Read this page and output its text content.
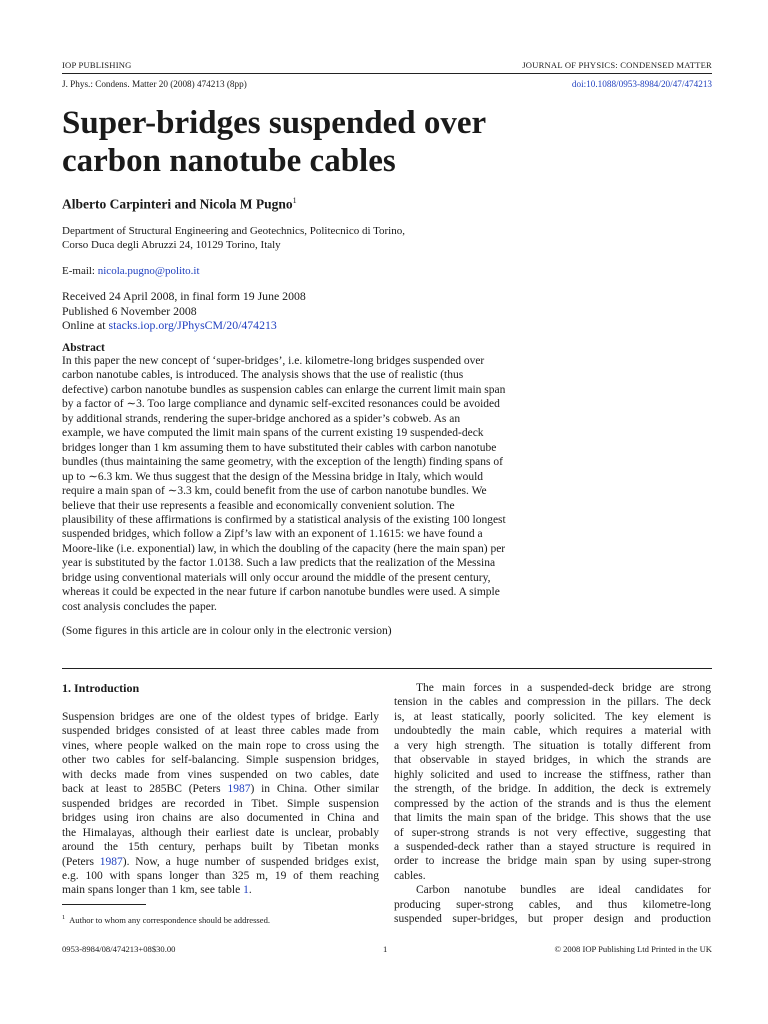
IOP PUBLISHING	JOURNAL OF PHYSICS: CONDENSED MATTER
J. Phys.: Condens. Matter 20 (2008) 474213 (8pp)	doi:10.1088/0953-8984/20/47/474213
Super-bridges suspended over
carbon nanotube cables
Alberto Carpinteri and Nicola M Pugno$^1$
Department of Structural Engineering and Geotechnics, Politecnico di Torino,
Corso Duca degli Abruzzi 24, 10129 Torino, Italy
E-mail: nicola.pugno@polito.it
Received 24 April 2008, in final form 19 June 2008
Published 6 November 2008
Online at stacks.iop.org/JPhysCM/20/474213
Abstract
In this paper the new concept of ‘super-bridges’, i.e. kilometre-long bridges suspended over
carbon nanotube cables, is introduced. The analysis shows that the use of realistic (thus
defective) carbon nanotube bundles as suspension cables can enlarge the current limit main span
by a factor of ∼3. Too large compliance and dynamic self-excited resonances could be avoided
by additional strands, rendering the super-bridge anchored as a spider’s cobweb. As an
example, we have computed the limit main spans of the current existing 19 suspended-deck
bridges longer than 1 km assuming them to have substituted their cables with carbon nanotube
bundles (thus maintaining the same geometry, with the exception of the length) finding spans of
up to ∼6.3 km. We thus suggest that the design of the Messina bridge in Italy, which would
require a main span of ∼3.3 km, could benefit from the use of carbon nanotube bundles. We
believe that their use represents a feasible and economically convenient solution. The
plausibility of these affirmations is confirmed by a statistical analysis of the existing 100 longest
suspended bridges, which follow a Zipf’s law with an exponent of 1.1615: we have found a
Moore-like (i.e. exponential) law, in which the doubling of the capacity (here the main span) per
year is substituted by the factor 1.0138. Such a law predicts that the realization of the Messina
bridge using conventional materials will only occur around the middle of the present century,
whereas it could be expected in the near future if carbon nanotube bundles were used. A simple
cost analysis concludes the paper.
(Some figures in this article are in colour only in the electronic version)
1. Introduction
Suspension bridges are one of the oldest types of bridge. Early
suspended bridges consisted of at least three cables made from
vines, where people walked on the main rope to cross using the
other two cables for self-balancing. Simple suspension bridges,
with decks made from vines suspended on two cables, date
back at least to 285BC (Peters 1987) in China. Other similar
suspended bridges are recorded in Tibet. Simple suspension
bridges using iron chains are also documented in China and
the Himalayas, although their earliest date is unclear, probably
around the 15th century, perhaps built by Tibetan monks
(Peters 1987). Now, a huge number of suspended bridges exist,
e.g. 100 with spans longer than 325 m, 19 of them reaching
main spans longer than 1 km, see table 1.
The main forces in a suspended-deck bridge are strong
tension in the cables and compression in the pillars. The deck
is, at least statically, poorly solicited. The key element is
undoubtedly the main cable, which requires a material with
a very high strength. The situation is totally different from
that observable in stayed bridges, in which the strands are
highly solicited and used to increase the stiffness, rather than
the strength, of the bridge. In addition, the deck is extremely
compressed by the action of the strands and is thus the element
that limits the main span of the bridge. This shows that the use
of super-strong strands is not very effective, suggesting that
a suspended-deck rather than a stayed structure is required in
order to increase the bridge main span by using super-strong
cables.
Carbon nanotube bundles are ideal candidates for
producing super-strong cables, and thus kilometre-long
suspended super-bridges, but proper design and production
$^1$ Author to whom any correspondence should be addressed.
0953-8984/08/474213+08$30.00	1	© 2008 IOP Publishing Ltd Printed in the UK
